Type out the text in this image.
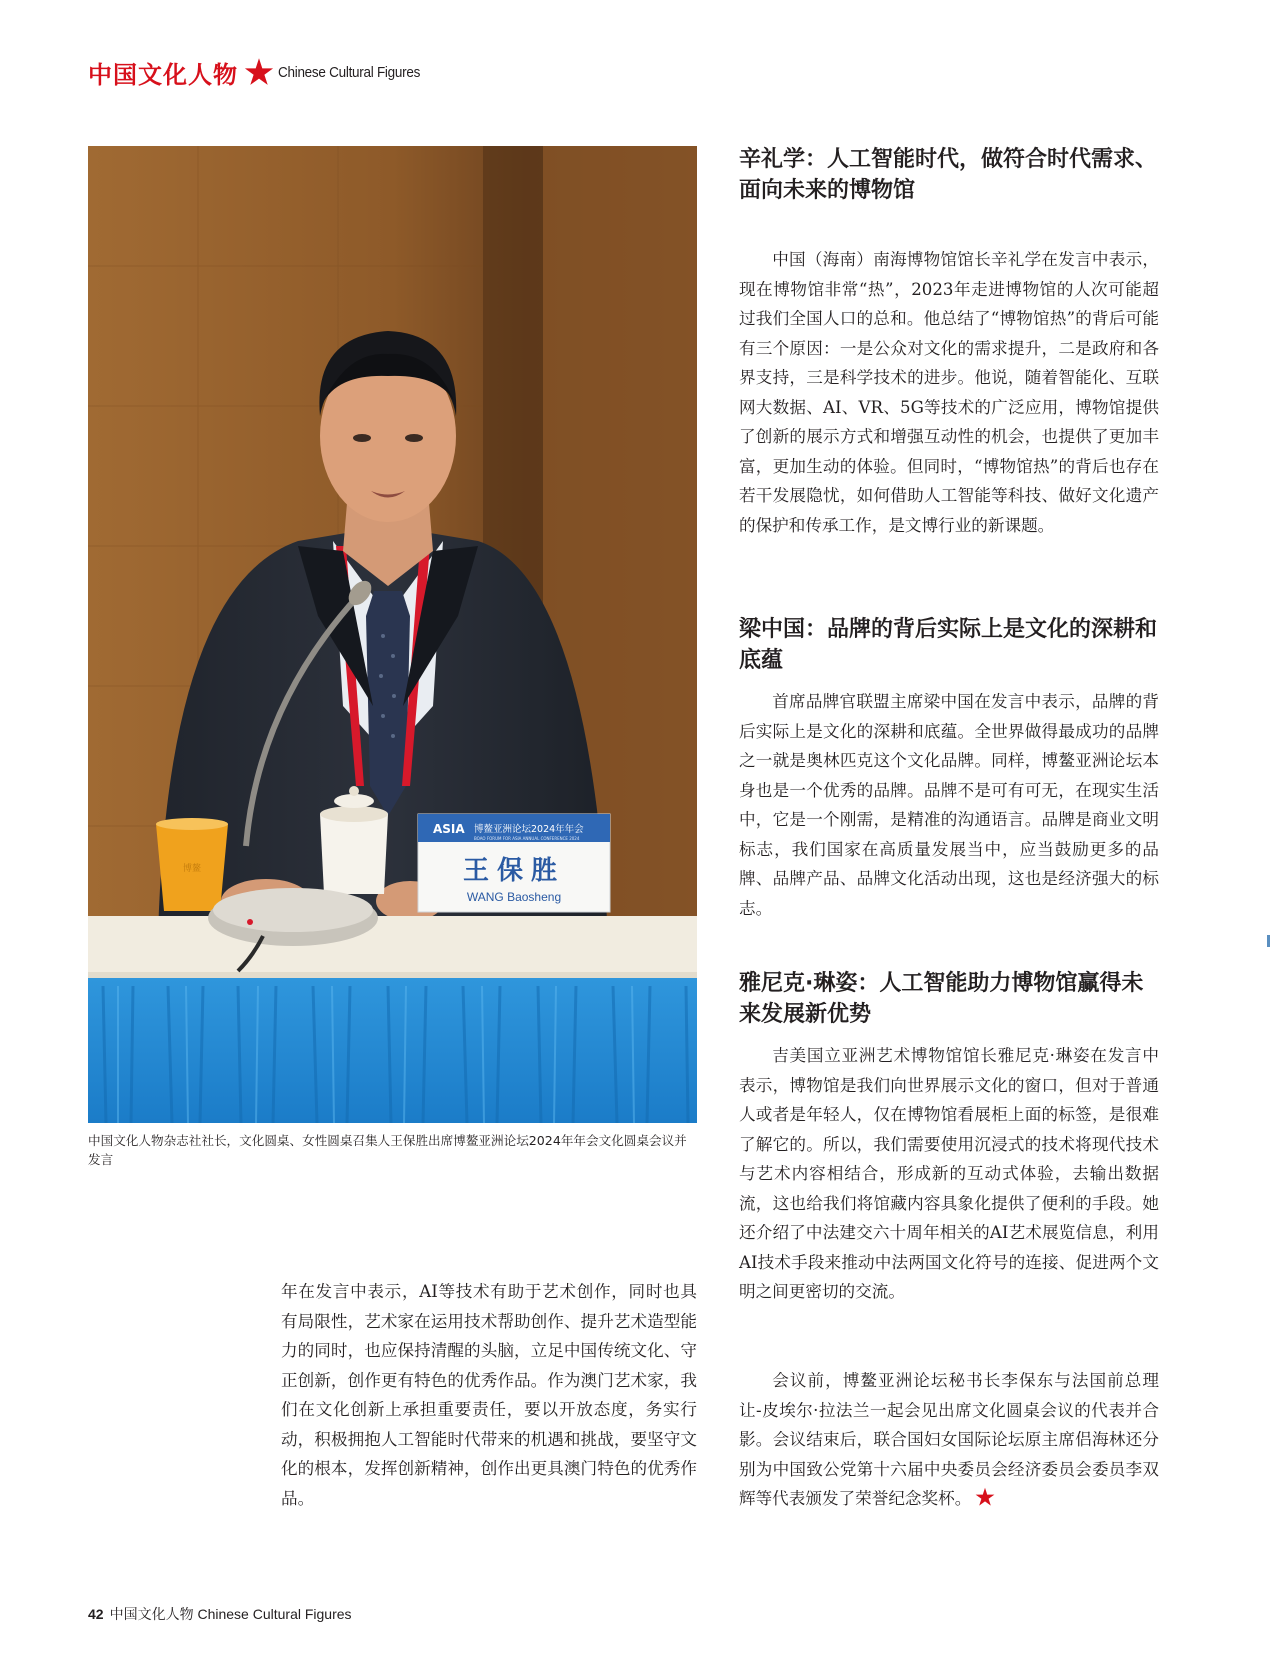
中国文化人物	Chinese Cultural Figures
博鳌
ASIA 博鳌亚洲论坛2024年年会
BOAO FORUM FOR ASIA ANNUAL CONFERENCE 2024
王保胜
WANG Baosheng

中国文化人物杂志社社长，文化圆桌、女性圆桌召集人王保胜出席博鳌亚洲论坛2024年年会文化圆桌会议并发言

辛礼学：人工智能时代，做符合时代需求、面向未来的博物馆

中国（海南）南海博物馆馆长辛礼学在发言中表示，现在博物馆非常“热”，2023年走进博物馆的人次可能超过我们全国人口的总和。他总结了“博物馆热”的背后可能有三个原因：一是公众对文化的需求提升，二是政府和各界支持，三是科学技术的进步。他说，随着智能化、互联网大数据、AI、VR、5G等技术的广泛应用，博物馆提供了创新的展示方式和增强互动性的机会，也提供了更加丰富，更加生动的体验。但同时，“博物馆热”的背后也存在若干发展隐忧，如何借助人工智能等科技、做好文化遗产的保护和传承工作，是文博行业的新课题。

梁中国：品牌的背后实际上是文化的深耕和底蕴

首席品牌官联盟主席梁中国在发言中表示，品牌的背后实际上是文化的深耕和底蕴。全世界做得最成功的品牌之一就是奥林匹克这个文化品牌。同样，博鳌亚洲论坛本身也是一个优秀的品牌。品牌不是可有可无，在现实生活中，它是一个刚需，是精准的沟通语言。品牌是商业文明标志，我们国家在高质量发展当中，应当鼓励更多的品牌、品牌产品、品牌文化活动出现，这也是经济强大的标志。

雅尼克·琳姿：人工智能助力博物馆赢得未来发展新优势

吉美国立亚洲艺术博物馆馆长雅尼克·琳姿在发言中表示，博物馆是我们向世界展示文化的窗口，但对于普通人或者是年轻人，仅在博物馆看展柜上面的标签，是很难了解它的。所以，我们需要使用沉浸式的技术将现代技术与艺术内容相结合，形成新的互动式体验，去输出数据流，这也给我们将馆藏内容具象化提供了便利的手段。她还介绍了中法建交六十周年相关的AI艺术展览信息，利用AI技术手段来推动中法两国文化符号的连接、促进两个文明之间更密切的交流。

会议前，博鳌亚洲论坛秘书长李保东与法国前总理让-皮埃尔·拉法兰一起会见出席文化圆桌会议的代表并合影。会议结束后，联合国妇女国际论坛原主席侣海林还分别为中国致公党第十六届中央委员会经济委员会委员李双辉等代表颁发了荣誉纪念奖杯。

年在发言中表示，AI等技术有助于艺术创作，同时也具有局限性，艺术家在运用技术帮助创作、提升艺术造型能力的同时，也应保持清醒的头脑，立足中国传统文化、守正创新，创作更有特色的优秀作品。作为澳门艺术家，我们在文化创新上承担重要责任，要以开放态度，务实行动，积极拥抱人工智能时代带来的机遇和挑战，要坚守文化的根本，发挥创新精神，创作出更具澳门特色的优秀作品。

42 中国文化人物 Chinese Cultural Figures
